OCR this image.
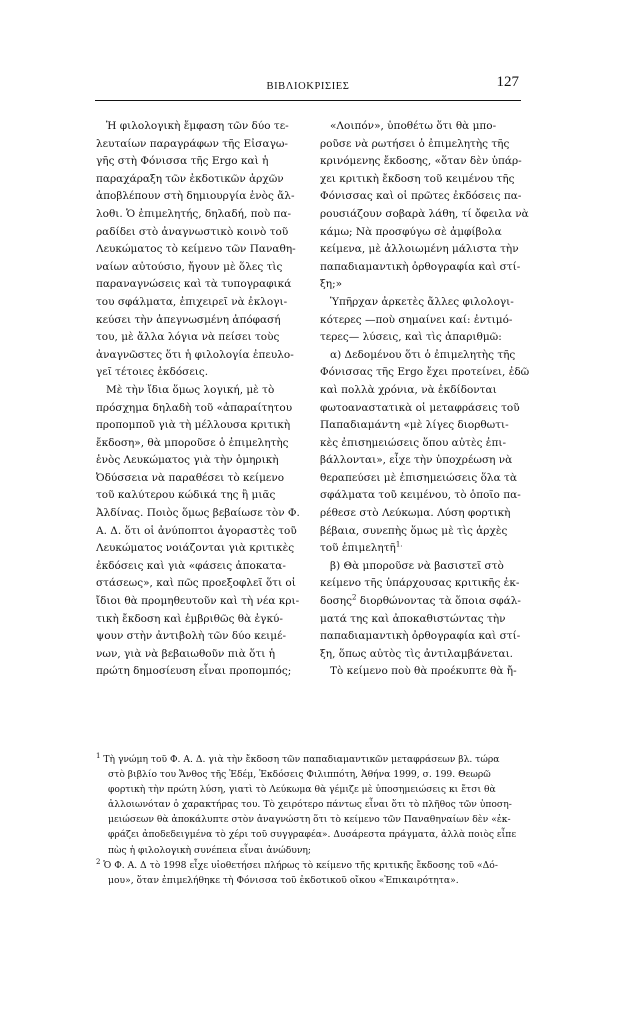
ΒΙΒΛΙΟΚΡΙΣΙΕΣ	127
Ἡ φιλολογικὴ ἔμφαση τῶν δύο τε-
λευταίων παραγράφων τῆς Εἰσαγω-
γῆς στὴ Φόνισσα τῆς Ergo καὶ ἡ
παραχάραξη τῶν ἐκδοτικῶν ἀρχῶν
ἀποβλέπουν στὴ δημιουργία ἑνὸς ἄλ-
λοθι. Ὁ ἐπιμελητής, δηλαδή, ποὺ πα-
ραδίδει στὸ ἀναγνωστικὸ κοινὸ τοῦ
Λευκώματος τὸ κείμενο τῶν Παναθη-
ναίων αὐτούσιο, ἤγουν μὲ ὅλες τὶς
παραναγνώσεις καὶ τὰ τυπογραφικά
του σφάλματα, ἐπιχειρεῖ νὰ ἐκλογι-
κεύσει τὴν ἀπεγνωσμένη ἀπόφασή
του, μὲ ἄλλα λόγια νὰ πείσει τοὺς
ἀναγνῶστες ὅτι ἡ φιλολογία ἐπευλο-
γεῖ τέτοιες ἐκδόσεις.
Μὲ τὴν ἴδια ὅμως λογική, μὲ τὸ
πρόσχημα δηλαδὴ τοῦ «ἀπαραίτητου
προπομποῦ γιὰ τὴ μέλλουσα κριτικὴ
ἔκδοση», θὰ μποροῦσε ὁ ἐπιμελητὴς
ἑνὸς Λευκώματος γιὰ τὴν ὁμηρικὴ
Ὀδύσσεια νὰ παραθέσει τὸ κείμενο
τοῦ καλύτερου κώδικά της ἢ μιᾶς
Ἀλδίνας. Ποιὸς ὅμως βεβαίωσε τὸν Φ.
Α. Δ. ὅτι οἱ ἀνύποπτοι ἀγοραστὲς τοῦ
Λευκώματος νοιάζονται γιὰ κριτικὲς
ἐκδόσεις καὶ γιὰ «φάσεις ἀποκατα-
στάσεως», καὶ πῶς προεξοφλεῖ ὅτι οἱ
ἴδιοι θὰ προμηθευτοῦν καὶ τὴ νέα κρι-
τικὴ ἔκδοση καὶ ἐμβριθῶς θὰ ἐγκύ-
ψουν στὴν ἀντιβολὴ τῶν δύο κειμέ-
νων, γιὰ νὰ βεβαιωθοῦν πιὰ ὅτι ἡ
πρώτη δημοσίευση εἶναι προπομπός;
«Λοιπόν», ὑποθέτω ὅτι θὰ μπο-
ροῦσε νὰ ρωτήσει ὁ ἐπιμελητὴς τῆς
κρινόμενης ἔκδοσης, «ὅταν δὲν ὑπάρ-
χει κριτικὴ ἔκδοση τοῦ κειμένου τῆς
Φόνισσας καὶ οἱ πρῶτες ἐκδόσεις πα-
ρουσιάζουν σοβαρὰ λάθη, τί ὄφειλα νὰ
κάμω; Νὰ προσφύγω σὲ ἀμφίβολα
κείμενα, μὲ ἀλλοιωμένη μάλιστα τὴν
παπαδιαμαντικὴ ὀρθογραφία καὶ στί-
ξη;»
Ὑπῆρχαν ἀρκετὲς ἄλλες φιλολογι-
κότερες —ποὺ σημαίνει καί: ἐντιμό-
τερες— λύσεις, καὶ τὶς ἀπαριθμῶ:
α) Δεδομένου ὅτι ὁ ἐπιμελητὴς τῆς
Φόνισσας τῆς Ergo ἔχει προτείνει, ἐδῶ
καὶ πολλὰ χρόνια, νὰ ἐκδίδονται
φωτοαναστατικὰ οἱ μεταφράσεις τοῦ
Παπαδιαμάντη «μὲ λίγες διορθωτι-
κὲς ἐπισημειώσεις ὅπου αὐτὲς ἐπι-
βάλλονται», εἶχε τὴν ὑποχρέωση νὰ
θεραπεύσει μὲ ἐπισημειώσεις ὅλα τὰ
σφάλματα τοῦ κειμένου, τὸ ὁποῖο πα-
ρέθεσε στὸ Λεύκωμα. Λύση φορτικὴ
βέβαια, συνεπὴς ὅμως μὲ τὶς ἀρχὲς
τοῦ ἐπιμελητῆ$^{1.}$
β) Θὰ μποροῦσε νὰ βασιστεῖ στὸ
κείμενο τῆς ὑπάρχουσας κριτικῆς ἐκ-
δοσης$^2$ διορθώνοντας τὰ ὅποια σφάλ-
ματά της καὶ ἀποκαθιστώντας τὴν
παπαδιαμαντικὴ ὀρθογραφία καὶ στί-
ξη, ὅπως αὐτὸς τὶς ἀντιλαμβάνεται.
Τὸ κείμενο ποὺ θὰ προέκυπτε θὰ ἤ-
$^1$ Τὴ γνώμη τοῦ Φ. Α. Δ. γιὰ τὴν ἔκδοση τῶν παπαδιαμαντικῶν μεταφράσεων βλ. τώρα
στὸ βιβλίο του Ἄνθος τῆς Ἐδέμ, Ἐκδόσεις Φιλιππότη, Ἀθήνα 1999, σ. 199. Θεωρῶ
φορτικὴ τὴν πρώτη λύση, γιατὶ τὸ Λεύκωμα θὰ γέμιζε μὲ ὑποσημειώσεις κι ἔτσι θὰ
ἀλλοιωνόταν ὁ χαρακτήρας του. Τὸ χειρότερο πάντως εἶναι ὅτι τὸ πλῆθος τῶν ὑποση-
μειώσεων θὰ ἀποκάλυπτε στὸν ἀναγνώστη ὅτι τὸ κείμενο τῶν Παναθηναίων δὲν «ἐκ-
φράζει ἀποδεδειγμένα τὸ χέρι τοῦ συγγραφέα». Δυσάρεστα πράγματα, ἀλλὰ ποιὸς εἶπε
πὼς ἡ φιλολογικὴ συνέπεια εἶναι ἀνώδυνη;
$^2$ Ὁ Φ. Α. Δ τὸ 1998 εἶχε υἱοθετήσει πλήρως τὸ κείμενο τῆς κριτικῆς ἔκδοσης τοῦ «Δό-
μου», ὅταν ἐπιμελήθηκε τὴ Φόνισσα τοῦ ἐκδοτικοῦ οἴκου «Ἐπικαιρότητα».
